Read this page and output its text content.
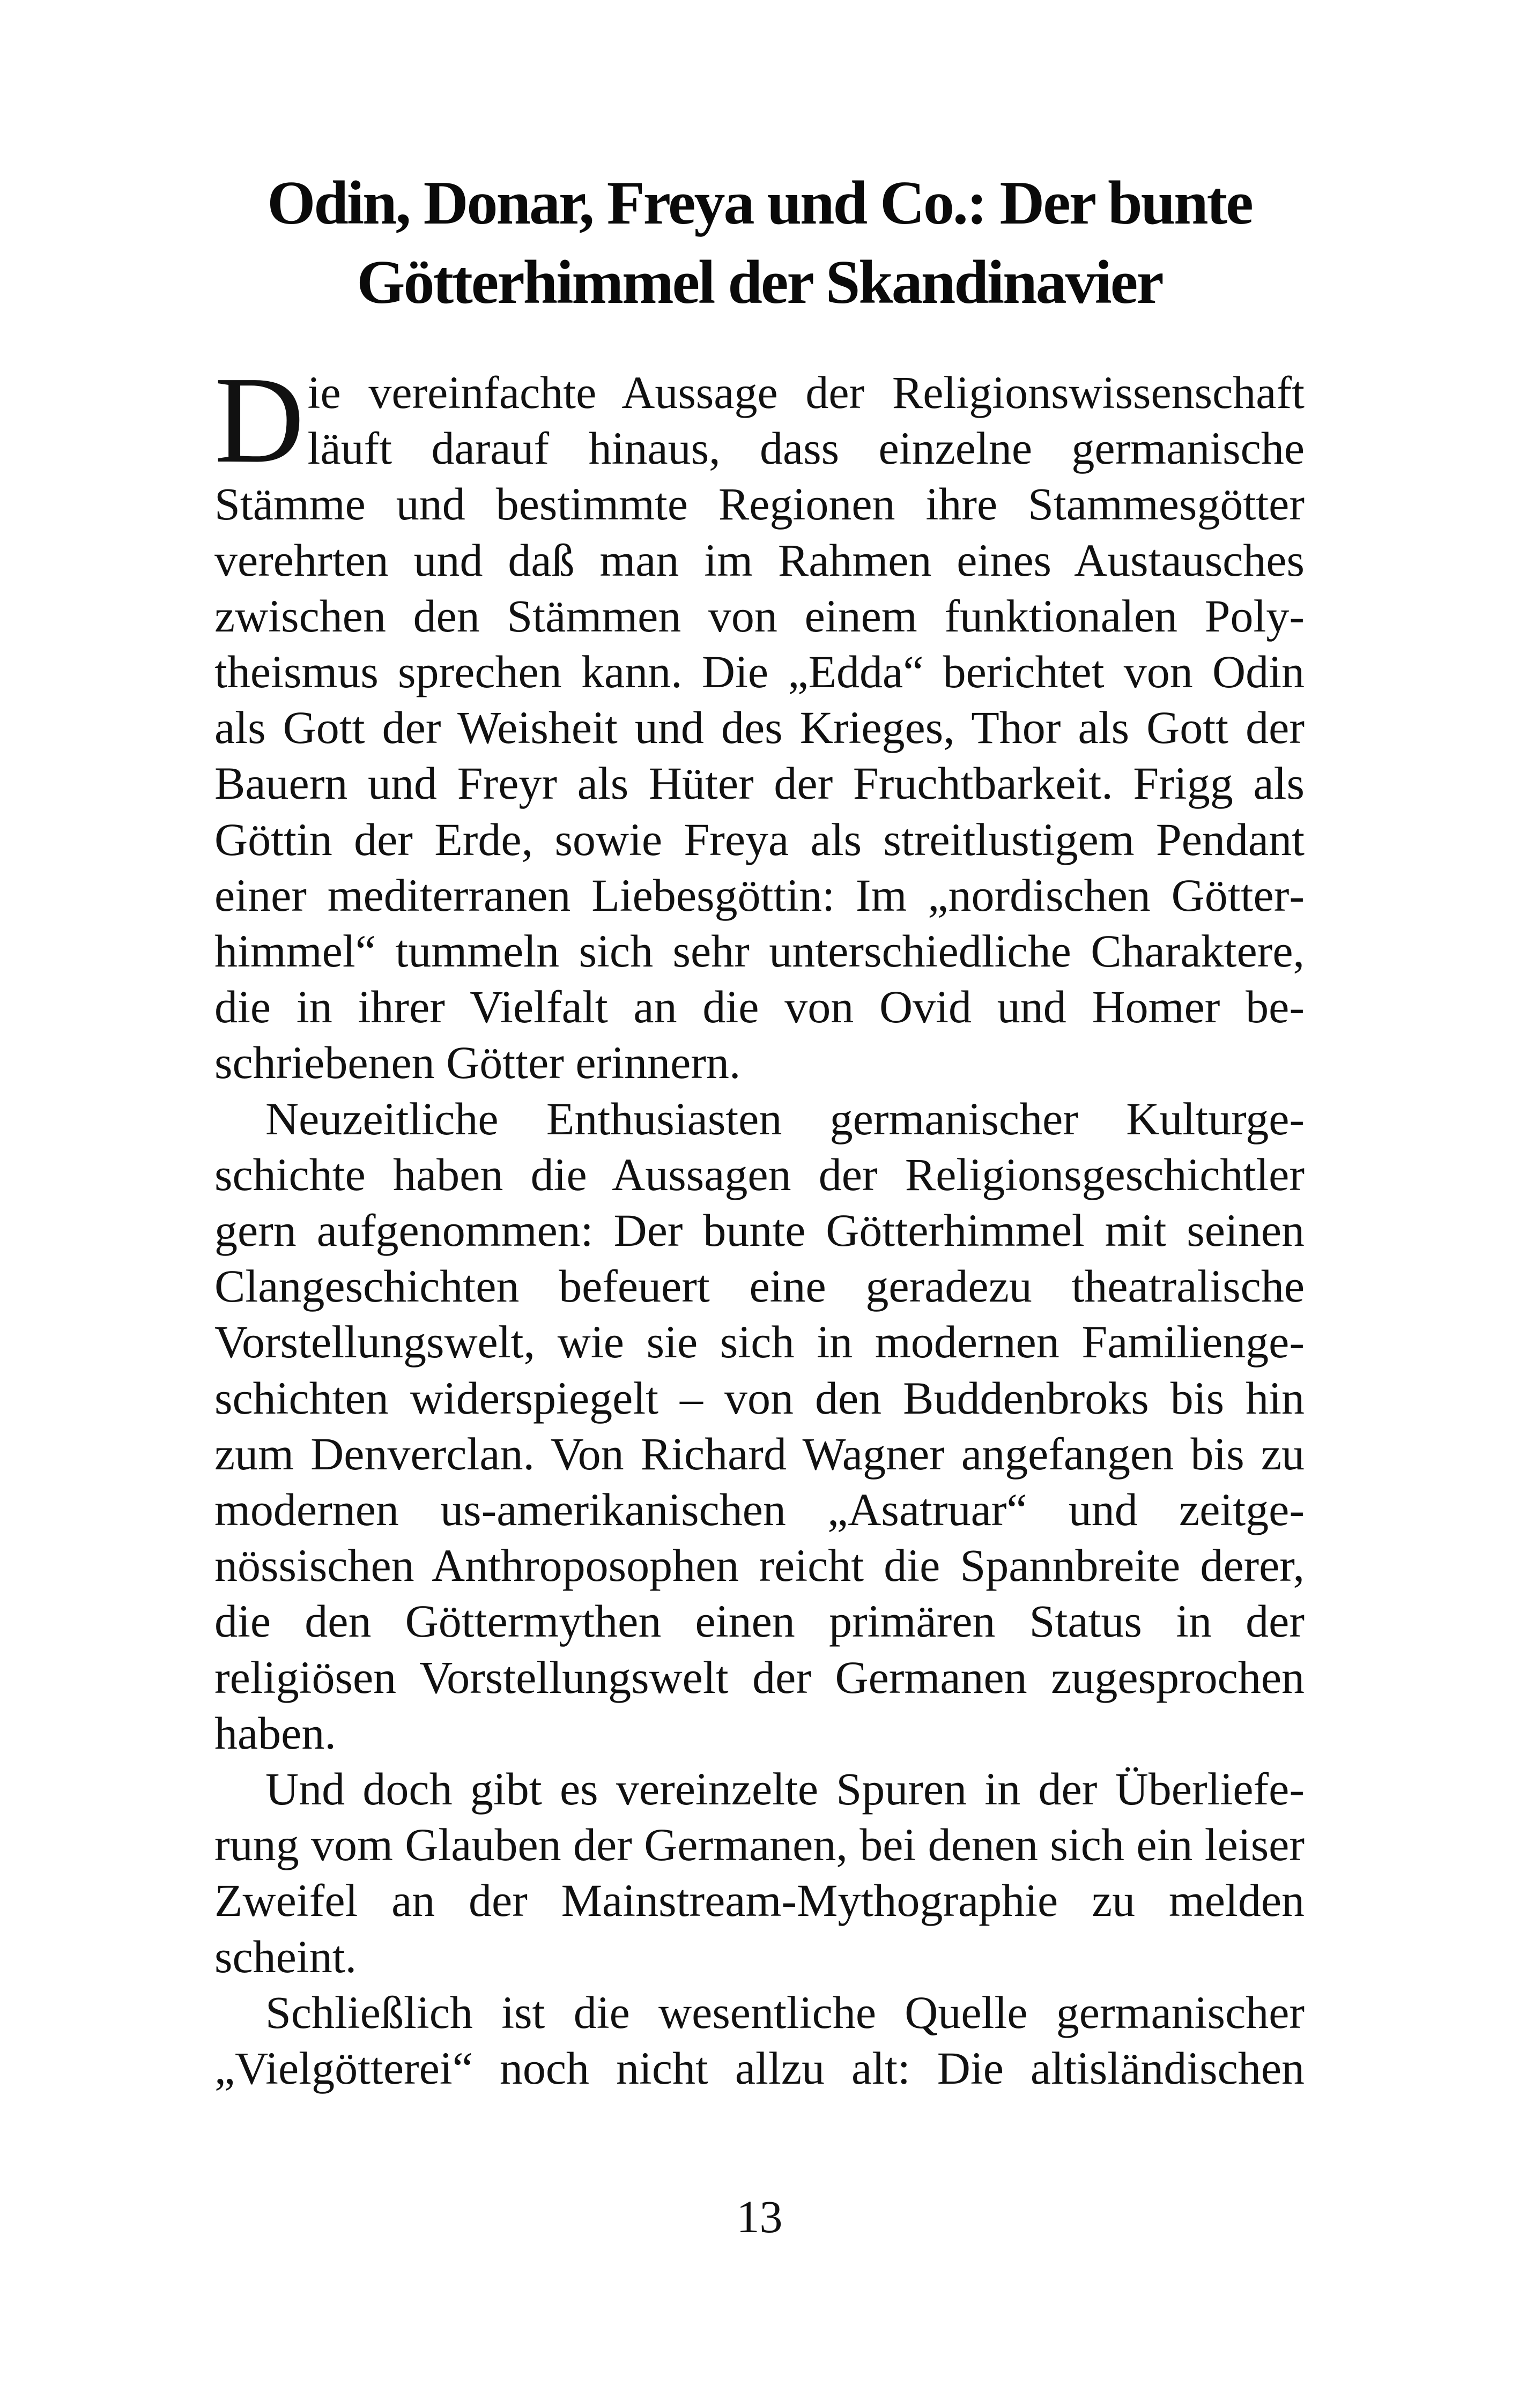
Odin, Donar, Freya und Co.: Der bunte
Götterhimmel der Skandinavier

Die vereinfachte Aussage der Religionswissenschaft läuft darauf hinaus, dass einzelne germanische Stämme und bestimmte Regionen ihre Stammesgötter verehrten und daß man im Rahmen eines Austausches zwischen den Stämmen von einem funktionalen Polytheismus sprechen kann. Die „Edda“ berichtet von Odin als Gott der Weisheit und des Krieges, Thor als Gott der Bauern und Freyr als Hüter der Fruchtbarkeit. Frigg als Göttin der Erde, sowie Freya als streitlustigem Pendant einer mediterranen Liebesgöttin: Im „nordischen Götterhimmel“ tummeln sich sehr unterschiedliche Charaktere, die in ihrer Vielfalt an die von Ovid und Homer beschriebenen Götter erinnern.

Neuzeitliche Enthusiasten germanischer Kulturgeschichte haben die Aussagen der Religionsgeschichtler gern aufgenommen: Der bunte Götterhimmel mit seinen Clangeschichten befeuert eine geradezu theatralische Vorstellungswelt, wie sie sich in modernen Familiengeschichten widerspiegelt – von den Buddenbroks bis hin zum Denverclan. Von Richard Wagner angefangen bis zu modernen us-amerikanischen „Asatruar“ und zeitgenössischen Anthroposophen reicht die Spannbreite derer, die den Göttermythen einen primären Status in der religiösen Vorstellungswelt der Germanen zugesprochen haben.

Und doch gibt es vereinzelte Spuren in der Überlieferung vom Glauben der Germanen, bei denen sich ein leiser Zweifel an der Mainstream-Mythographie zu melden scheint.

Schließlich ist die wesentliche Quelle germanischer „Vielgötterei“ noch nicht allzu alt: Die altisländischen

13
